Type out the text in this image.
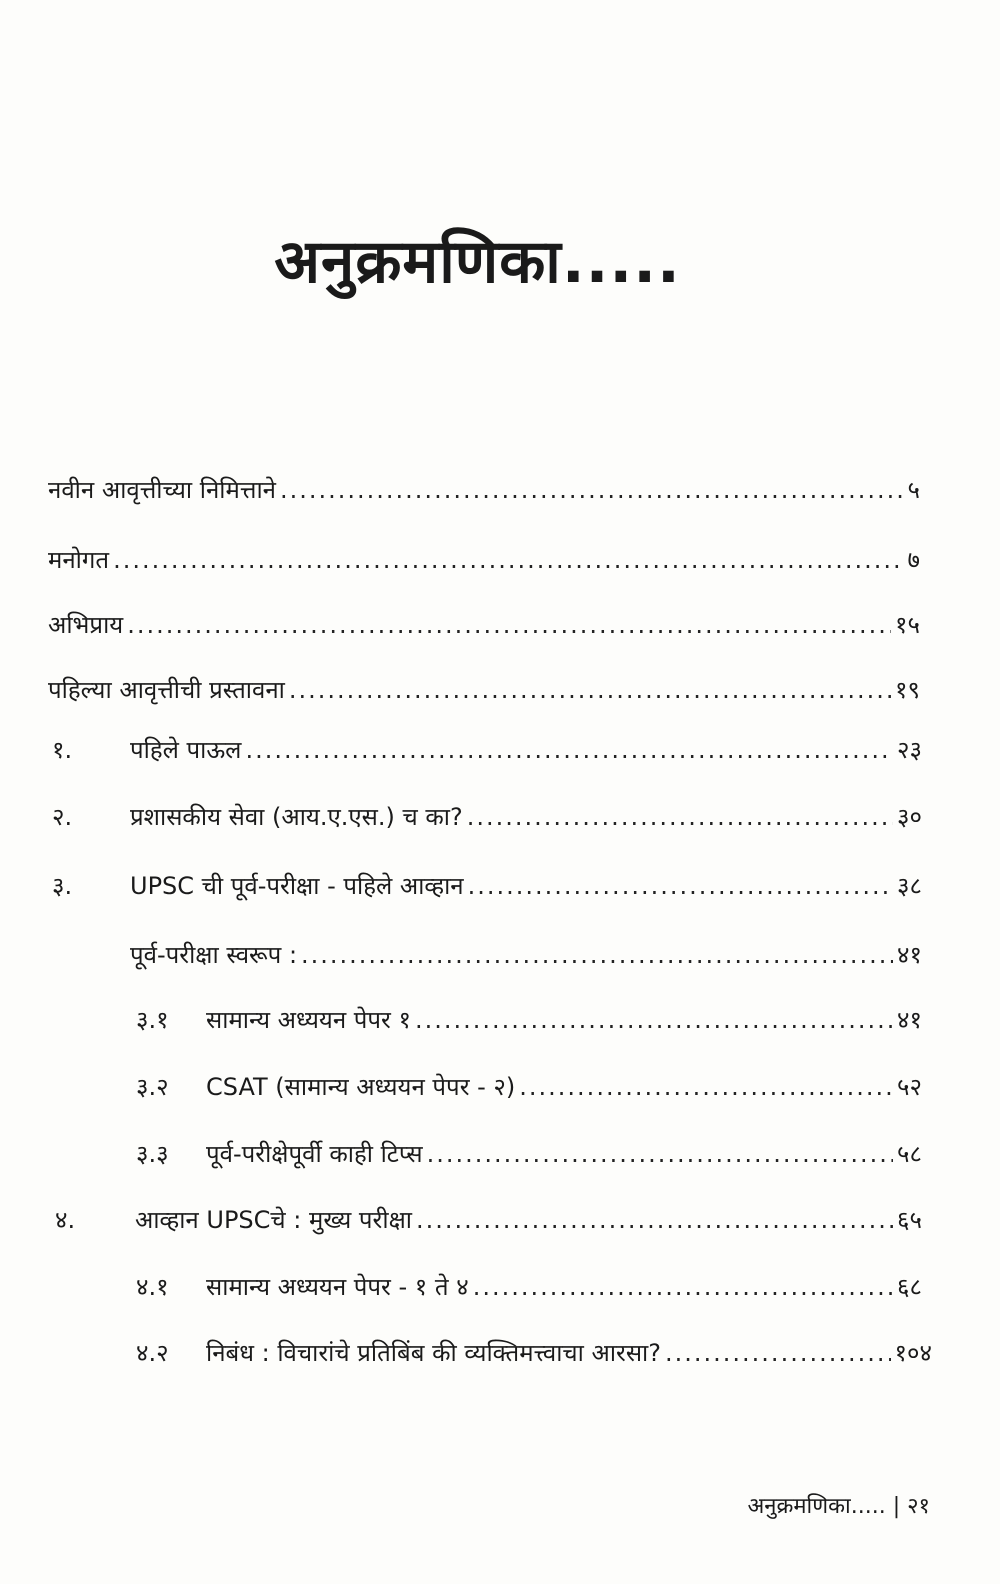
अनुक्रमणिका.....
नवीन आवृत्तीच्या निमित्ताने .....	५
मनोगत .....	७
अभिप्राय .....	१५
पहिल्या आवृत्तीची प्रस्तावना .....	१९
१.	पहिले पाऊल .....	२३
२.	प्रशासकीय सेवा (आय.ए.एस.) च का? .....	३०
३.	UPSC ची पूर्व-परीक्षा - पहिले आव्हान .....	३८
पूर्व-परीक्षा स्वरूप : .....	४१
३.१	सामान्य अध्ययन पेपर १ .....	४१
३.२	CSAT (सामान्य अध्ययन पेपर - २) .....	५२
३.३	पूर्व-परीक्षेपूर्वी काही टिप्स .....	५८
४.	आव्हान UPSCचे : मुख्य परीक्षा .....	६५
४.१	सामान्य अध्ययन पेपर - १ ते ४ .....	६८
४.२	निबंध : विचारांचे प्रतिबिंब की व्यक्तिमत्त्वाचा आरसा? .....	१०४
अनुक्रमणिका..... | २१
